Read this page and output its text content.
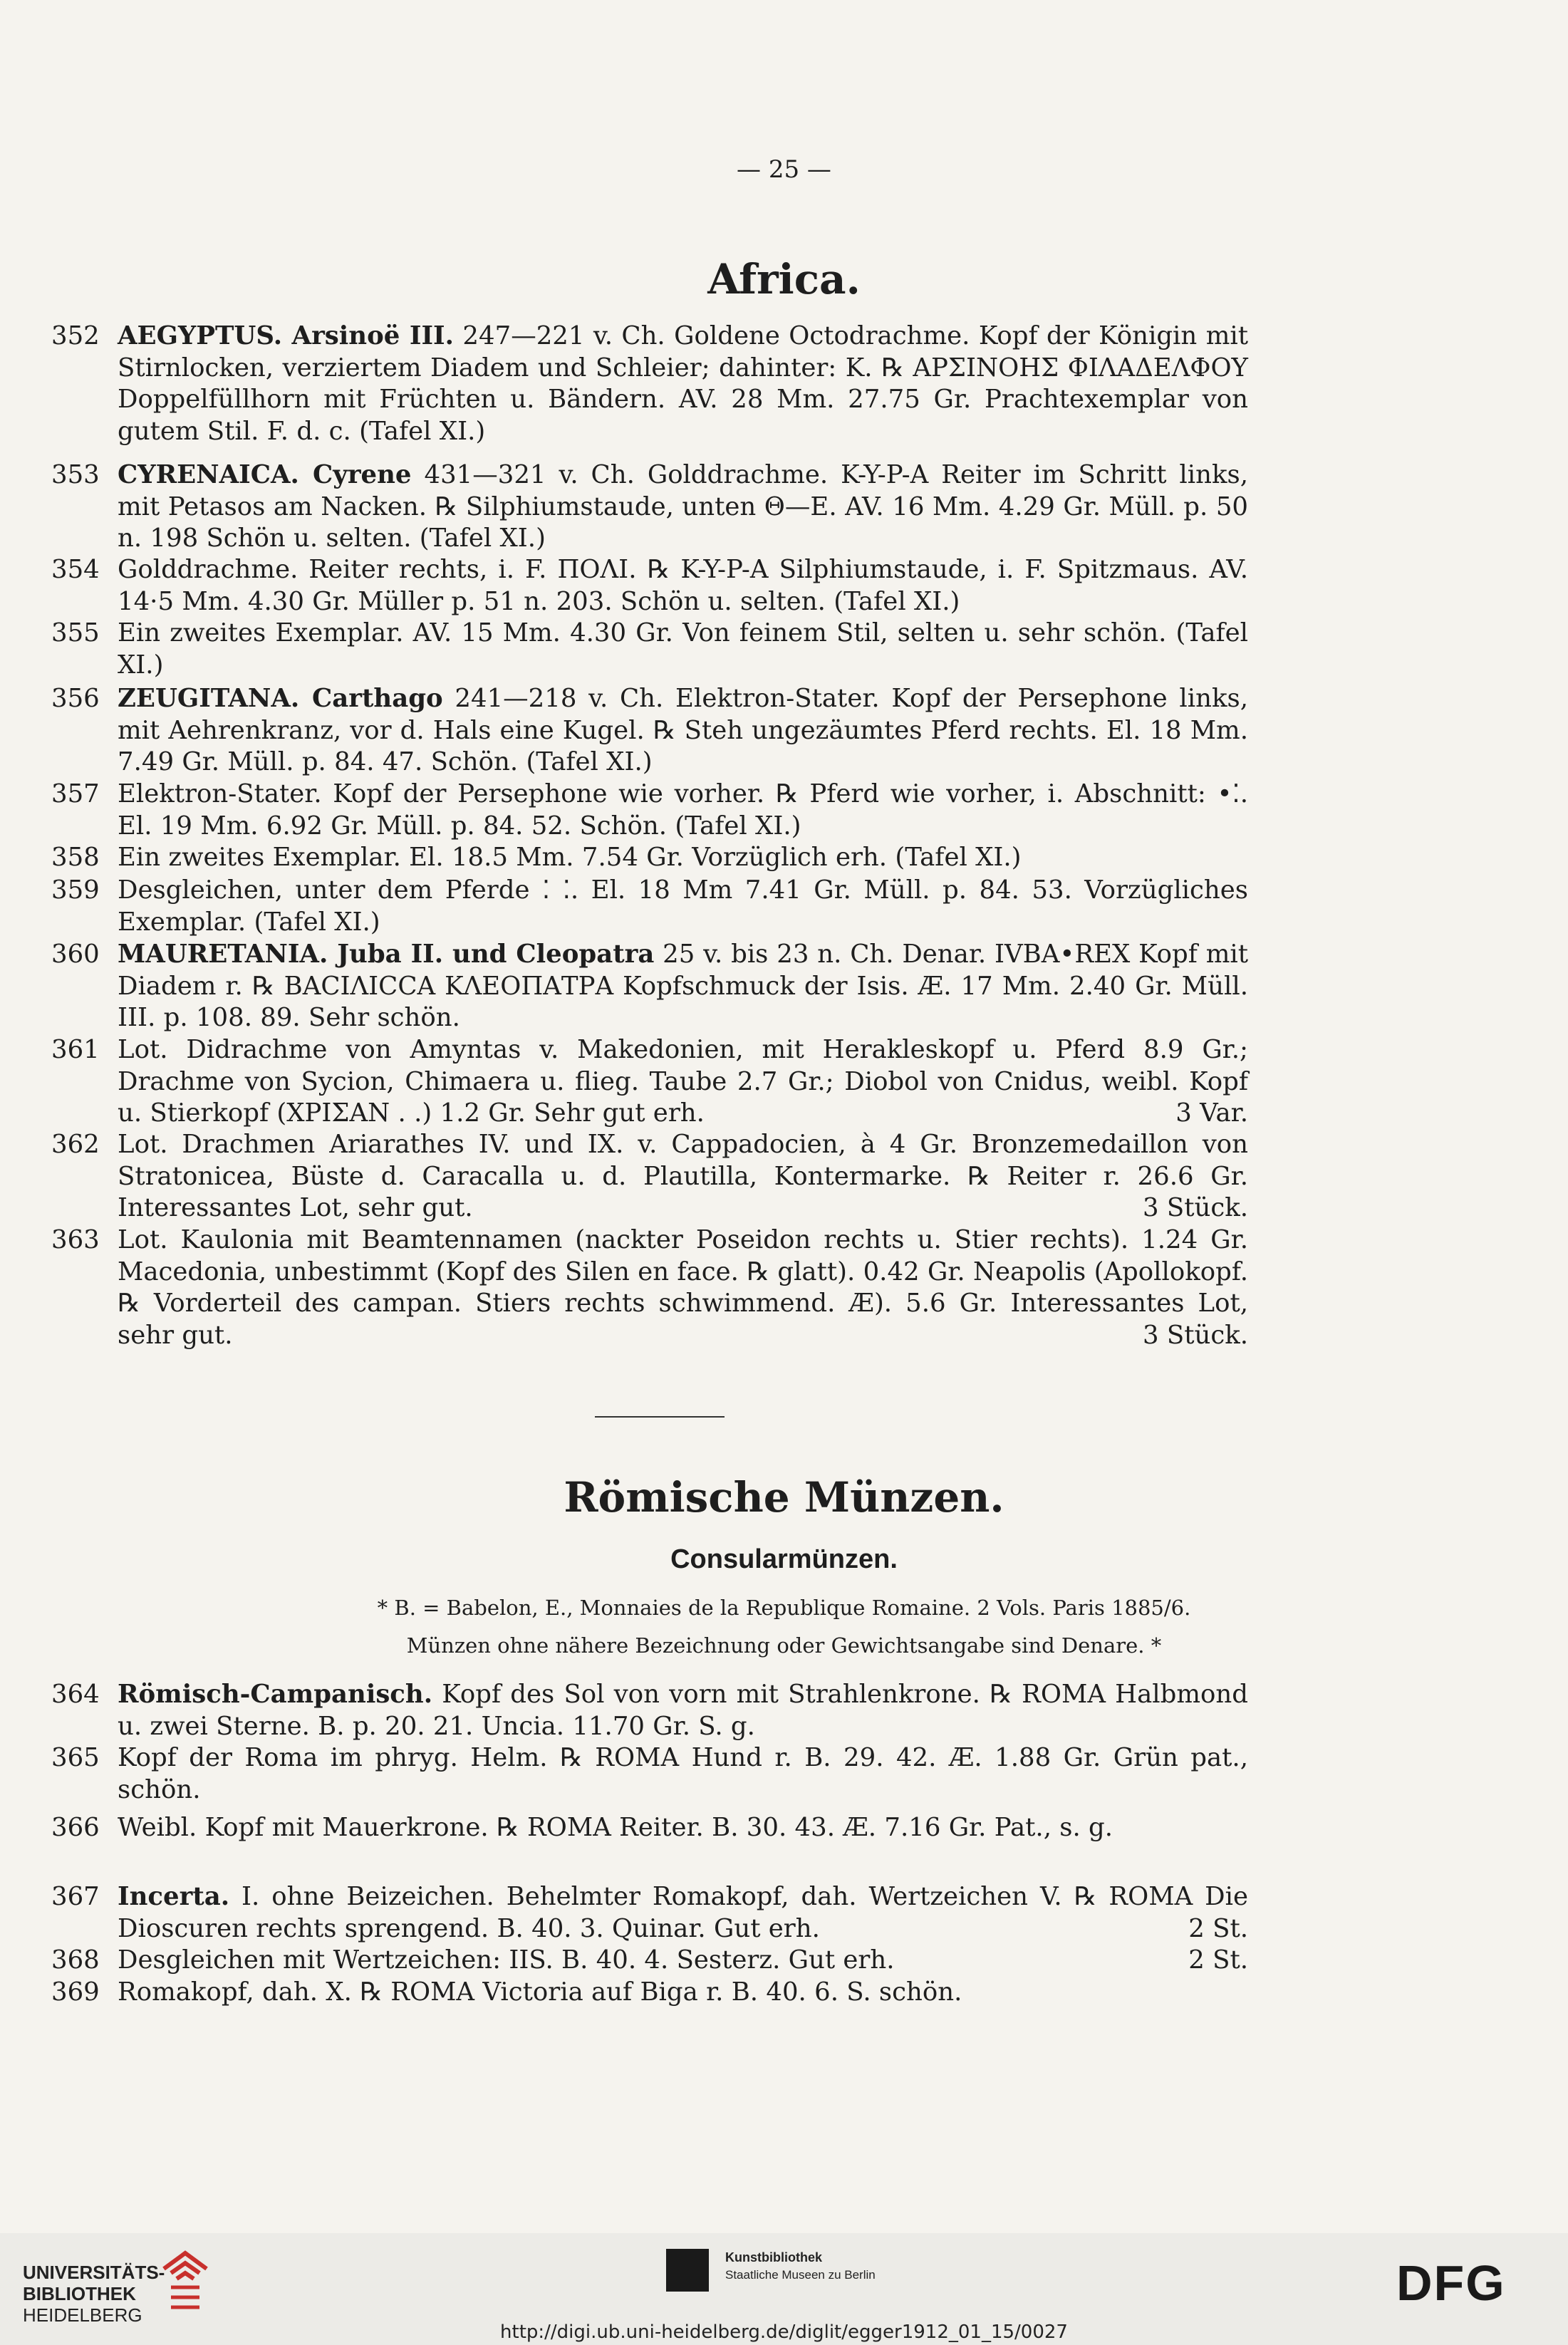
— 25 —
Africa.
352 AEGYPTUS. Arsinoë III. 247—221 v. Ch. Goldene Octodrachme. Kopf der Königin mit Stirnlocken, verziertem Diadem und Schleier; dahinter: K. ℞ ΑΡΣΙΝΟΗΣ ΦΙΛΑΔΕΛΦΟΥ Doppelfüllhorn mit Früchten u. Bändern. AV. 28 Mm. 27.75 Gr. Prachtexemplar von gutem Stil. F. d. c. (Tafel XI.)
353 CYRENAICA. Cyrene 431—321 v. Ch. Golddrachme. K-Y-P-A Reiter im Schritt links, mit Petasos am Nacken. ℞ Silphiumstaude, unten Θ—E. AV. 16 Mm. 4.29 Gr. Müll. p. 50 n. 198 Schön u. selten. (Tafel XI.)
354 Golddrachme. Reiter rechts, i. F. ΠΟΛΙ. ℞ K-Y-P-A Silphiumstaude, i. F. Spitzmaus. AV. 14·5 Mm. 4.30 Gr. Müller p. 51 n. 203. Schön u. selten. (Tafel XI.)
355 Ein zweites Exemplar. AV. 15 Mm. 4.30 Gr. Von feinem Stil, selten u. sehr schön. (Tafel XI.)
356 ZEUGITANA. Carthago 241—218 v. Ch. Elektron-Stater. Kopf der Persephone links, mit Aehrenkranz, vor d. Hals eine Kugel. ℞ Steh ungezäumtes Pferd rechts. El. 18 Mm. 7.49 Gr. Müll. p. 84. 47. Schön. (Tafel XI.)
357 Elektron-Stater. Kopf der Persephone wie vorher. ℞ Pferd wie vorher, i. Abschnitt: •⁚. El. 19 Mm. 6.92 Gr. Müll. p. 84. 52. Schön. (Tafel XI.)
358 Ein zweites Exemplar. El. 18.5 Mm. 7.54 Gr. Vorzüglich erh. (Tafel XI.)
359 Desgleichen, unter dem Pferde ⁚ ⁚. El. 18 Mm 7.41 Gr. Müll. p. 84. 53. Vorzügliches Exemplar. (Tafel XI.)
360 MAURETANIA. Juba II. und Cleopatra 25 v. bis 23 n. Ch. Denar. IVBA•REX Kopf mit Diadem r. ℞ ΒΑCΙΛΙCCΑ ΚΛΕΟΠΑΤΡΑ Kopfschmuck der Isis. Æ. 17 Mm. 2.40 Gr. Müll. III. p. 108. 89. Sehr schön.
361 Lot. Didrachme von Amyntas v. Makedonien, mit Herakleskopf u. Pferd 8.9 Gr.; Drachme von Sycion, Chimaera u. flieg. Taube 2.7 Gr.; Diobol von Cnidus, weibl. Kopf u. Stierkopf (ΧΡΙΣΑΝ . .) 1.2 Gr. Sehr gut erh.	3 Var.
362 Lot. Drachmen Ariarathes IV. und IX. v. Cappadocien, à 4 Gr. Bronzemedaillon von Stratonicea, Büste d. Caracalla u. d. Plautilla, Kontermarke. ℞ Reiter r. 26.6 Gr. Interessantes Lot, sehr gut.	3 Stück.
363 Lot. Kaulonia mit Beamtennamen (nackter Poseidon rechts u. Stier rechts). 1.24 Gr. Macedonia, unbestimmt (Kopf des Silen en face. ℞ glatt). 0.42 Gr. Neapolis (Apollokopf. ℞ Vorderteil des campan. Stiers rechts schwimmend. Æ). 5.6 Gr. Interessantes Lot, sehr gut.	3 Stück.
Römische Münzen.
Consularmünzen.
* B. = Babelon, E., Monnaies de la Republique Romaine. 2 Vols. Paris 1885/6.
Münzen ohne nähere Bezeichnung oder Gewichtsangabe sind Denare. *
364 Römisch-Campanisch. Kopf des Sol von vorn mit Strahlenkrone. ℞ ROMA Halbmond u. zwei Sterne. B. p. 20. 21. Uncia. 11.70 Gr. S. g.
365 Kopf der Roma im phryg. Helm. ℞ ROMA Hund r. B. 29. 42. Æ. 1.88 Gr. Grün pat., schön.
366 Weibl. Kopf mit Mauerkrone. ℞ ROMA Reiter. B. 30. 43. Æ. 7.16 Gr. Pat., s. g.
367 Incerta. I. ohne Beizeichen. Behelmter Romakopf, dah. Wertzeichen V. ℞ ROMA Die Dioscuren rechts sprengend. B. 40. 3. Quinar. Gut erh.	2 St.
368 Desgleichen mit Wertzeichen: IIS. B. 40. 4. Sesterz. Gut erh.	2 St.
369 Romakopf, dah. X. ℞ ROMA Victoria auf Biga r. B. 40. 6. S. schön.
UNIVERSITÄTS-
BIBLIOTHEK
HEIDELBERG
Kunstbibliothek
Staatliche Museen zu Berlin	DFG
http://digi.ub.uni-heidelberg.de/diglit/egger1912_01_15/0027
